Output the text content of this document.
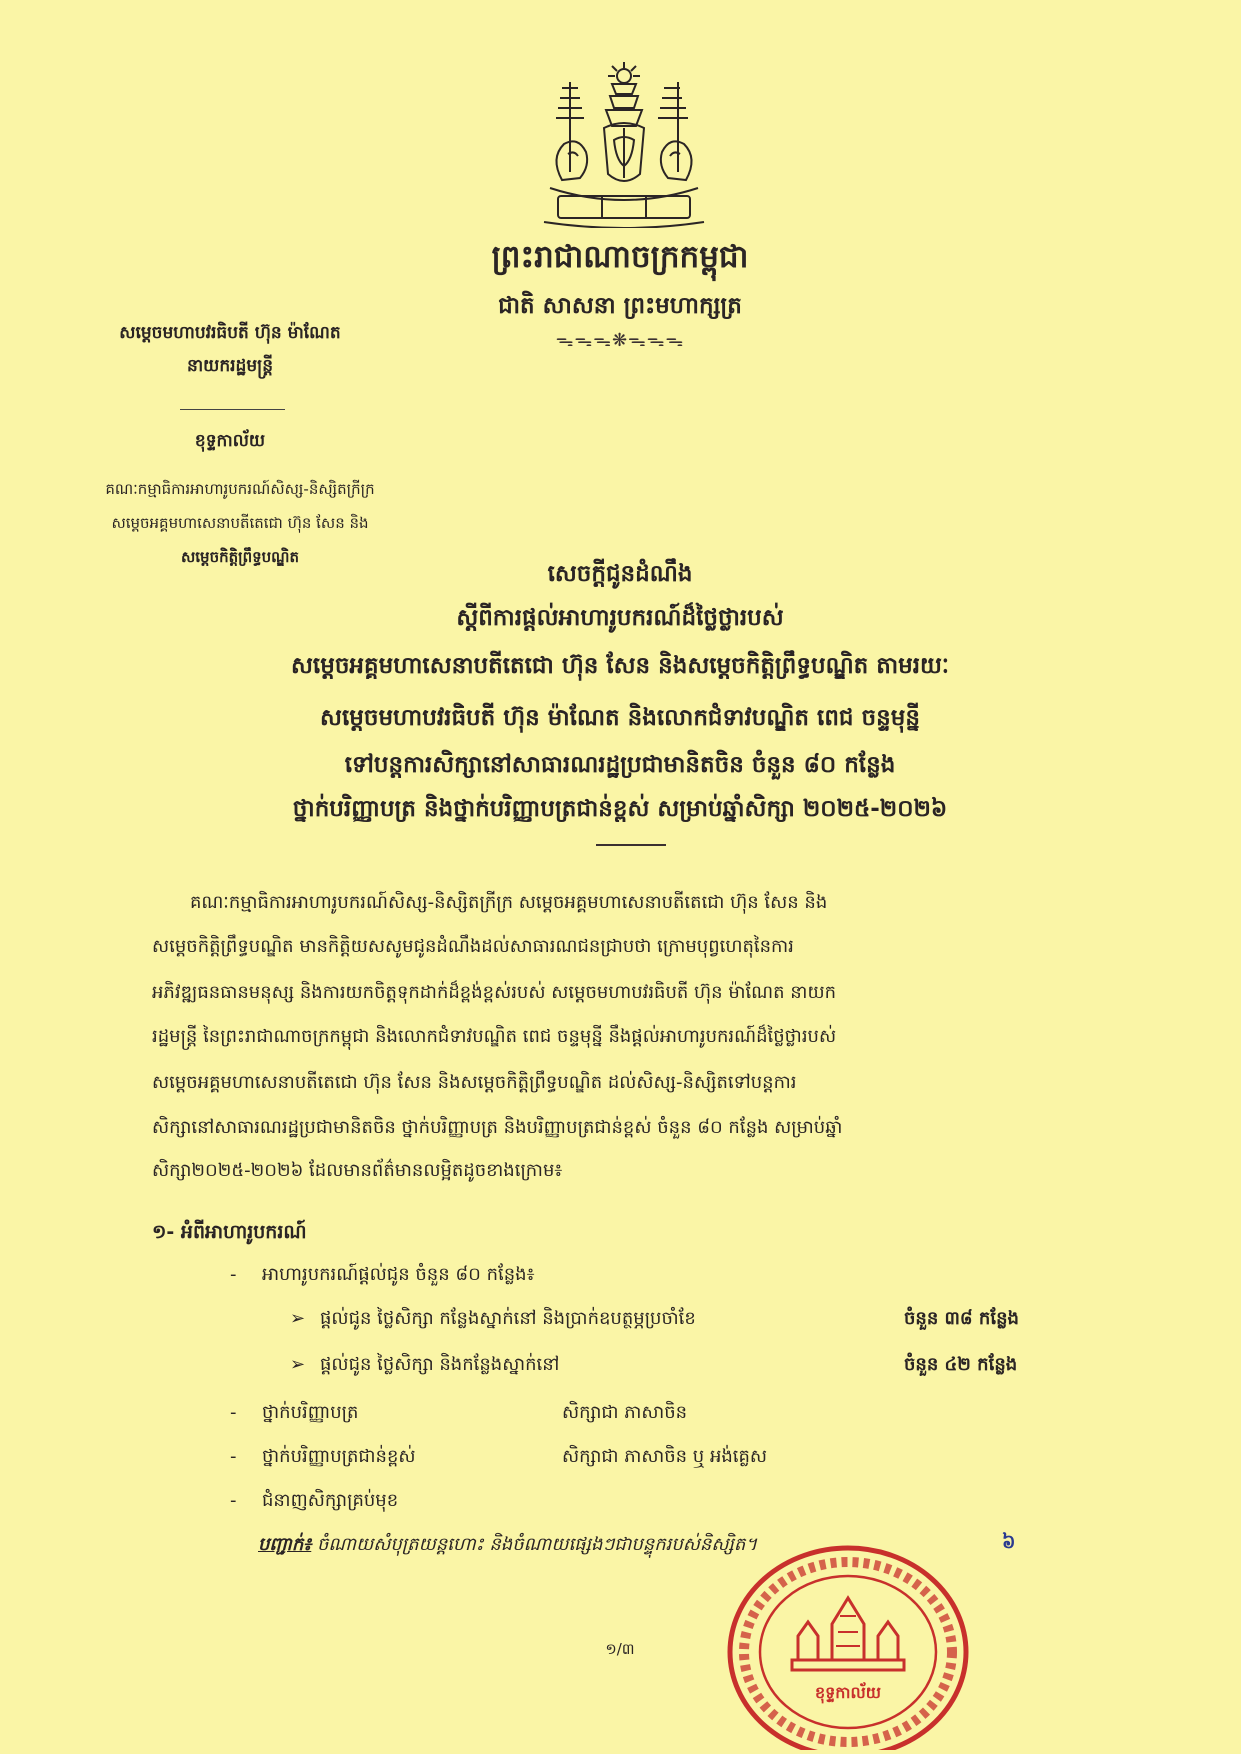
ព្រះរាជាណាចក្រកម្ពុជា
ជាតិ សាសនា ព្រះមហាក្សត្រ
ᯓᯓᯓ❋ᯓᯓᯓ
សម្តេចមហាបវរធិបតី ហ៊ុន ម៉ាណែត
នាយករដ្ឋមន្រ្តី
ខុទ្ទកាល័យ
គណៈកម្មាធិការអាហារូបករណ៍សិស្ស-និស្សិតក្រីក្រ
សម្តេចអគ្គមហាសេនាបតីតេជោ ហ៊ុន សែន និង
សម្តេចកិត្តិព្រឹទ្ធបណ្ឌិត
សេចក្តីជូនដំណឹង
ស្តីពីការផ្តល់អាហារូបករណ៍ដ៏ថ្លៃថ្លារបស់
សម្តេចអគ្គមហាសេនាបតីតេជោ ហ៊ុន សែន និងសម្តេចកិត្តិព្រឹទ្ធបណ្ឌិត តាមរយៈ
សម្តេចមហាបវរធិបតី ហ៊ុន ម៉ាណែត និងលោកជំទាវបណ្ឌិត ពេជ ចន្ទមុន្នី
ទៅបន្តការសិក្សានៅសាធារណរដ្ឋប្រជាមានិតចិន ចំនួន ៨០ កន្លែង
ថ្នាក់បរិញ្ញាបត្រ និងថ្នាក់បរិញ្ញាបត្រជាន់ខ្ពស់ សម្រាប់ឆ្នាំសិក្សា ២០២៥-២០២៦
គណៈកម្មាធិការអាហារូបករណ៍សិស្ស-និស្សិតក្រីក្រ សម្តេចអគ្គមហាសេនាបតីតេជោ ហ៊ុន សែន និង
សម្តេចកិត្តិព្រឹទ្ធបណ្ឌិត មានកិត្តិយសសូមជូនដំណឹងដល់សាធារណជនជ្រាបថា ក្រោមបុព្វហេតុនៃការ
អភិវឌ្ឍធនធានមនុស្ស និងការយកចិត្តទុកដាក់ដ៏ខ្ពង់ខ្ពស់របស់ សម្តេចមហាបវរធិបតី ហ៊ុន ម៉ាណែត នាយក
រដ្ឋមន្រ្តី នៃព្រះរាជាណាចក្រកម្ពុជា និងលោកជំទាវបណ្ឌិត ពេជ ចន្ទមុន្នី នឹងផ្តល់អាហារូបករណ៍ដ៏ថ្លៃថ្លារបស់
សម្តេចអគ្គមហាសេនាបតីតេជោ ហ៊ុន សែន និងសម្តេចកិត្តិព្រឹទ្ធបណ្ឌិត ដល់សិស្ស-និស្សិតទៅបន្តការ
សិក្សានៅសាធារណរដ្ឋប្រជាមានិតចិន ថ្នាក់បរិញ្ញាបត្រ និងបរិញ្ញាបត្រជាន់ខ្ពស់ ចំនួន ៨០ កន្លែង សម្រាប់ឆ្នាំ
សិក្សា២០២៥-២០២៦ ដែលមានព័ត៌មានលម្អិតដូចខាងក្រោម៖
១- អំពីអាហារូបករណ៍
- អាហារូបករណ៍ផ្តល់ជូន ចំនួន ៨០ កន្លែង៖
➢ ផ្តល់ជូន ថ្លៃសិក្សា កន្លែងស្នាក់នៅ និងប្រាក់ឧបត្ថម្ភប្រចាំខែ	ចំនួន ៣៨ កន្លែង
➢ ផ្តល់ជូន ថ្លៃសិក្សា និងកន្លែងស្នាក់នៅ	ចំនួន ៤២ កន្លែង
- ថ្នាក់បរិញ្ញាបត្រ	សិក្សាជា ភាសាចិន
- ថ្នាក់បរិញ្ញាបត្រជាន់ខ្ពស់	សិក្សាជា ភាសាចិន ឬ អង់គ្លេស
- ជំនាញសិក្សាគ្រប់មុខ
បញ្ជាក់៖ ចំណាយសំបុត្រយន្តហោះ និងចំណាយផ្សេងៗជាបន្ទុករបស់និស្សិត។	៦
ខុទ្ទកាល័យ
១/៣
